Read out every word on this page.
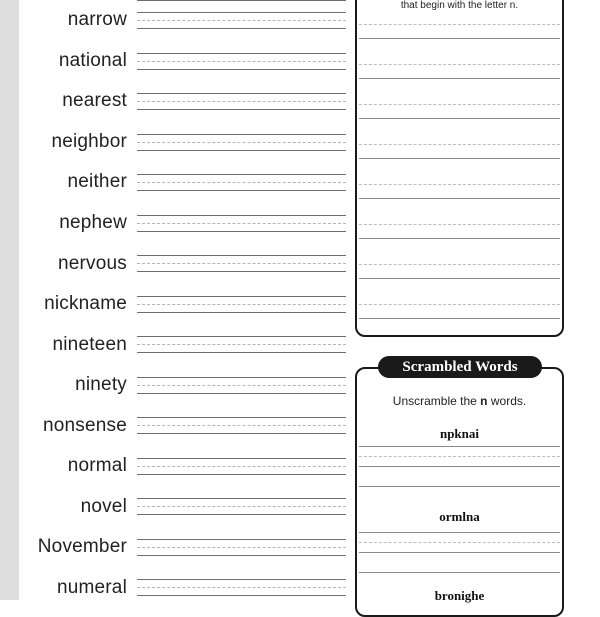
narrow
national
nearest
neighbor
neither
nephew
nervous
nickname
nineteen
ninety
nonsense
normal
novel
November
numeral
that begin with the letter n.
Unscramble the n words.
npknai
ormlna
bronighe
Scrambled Words
